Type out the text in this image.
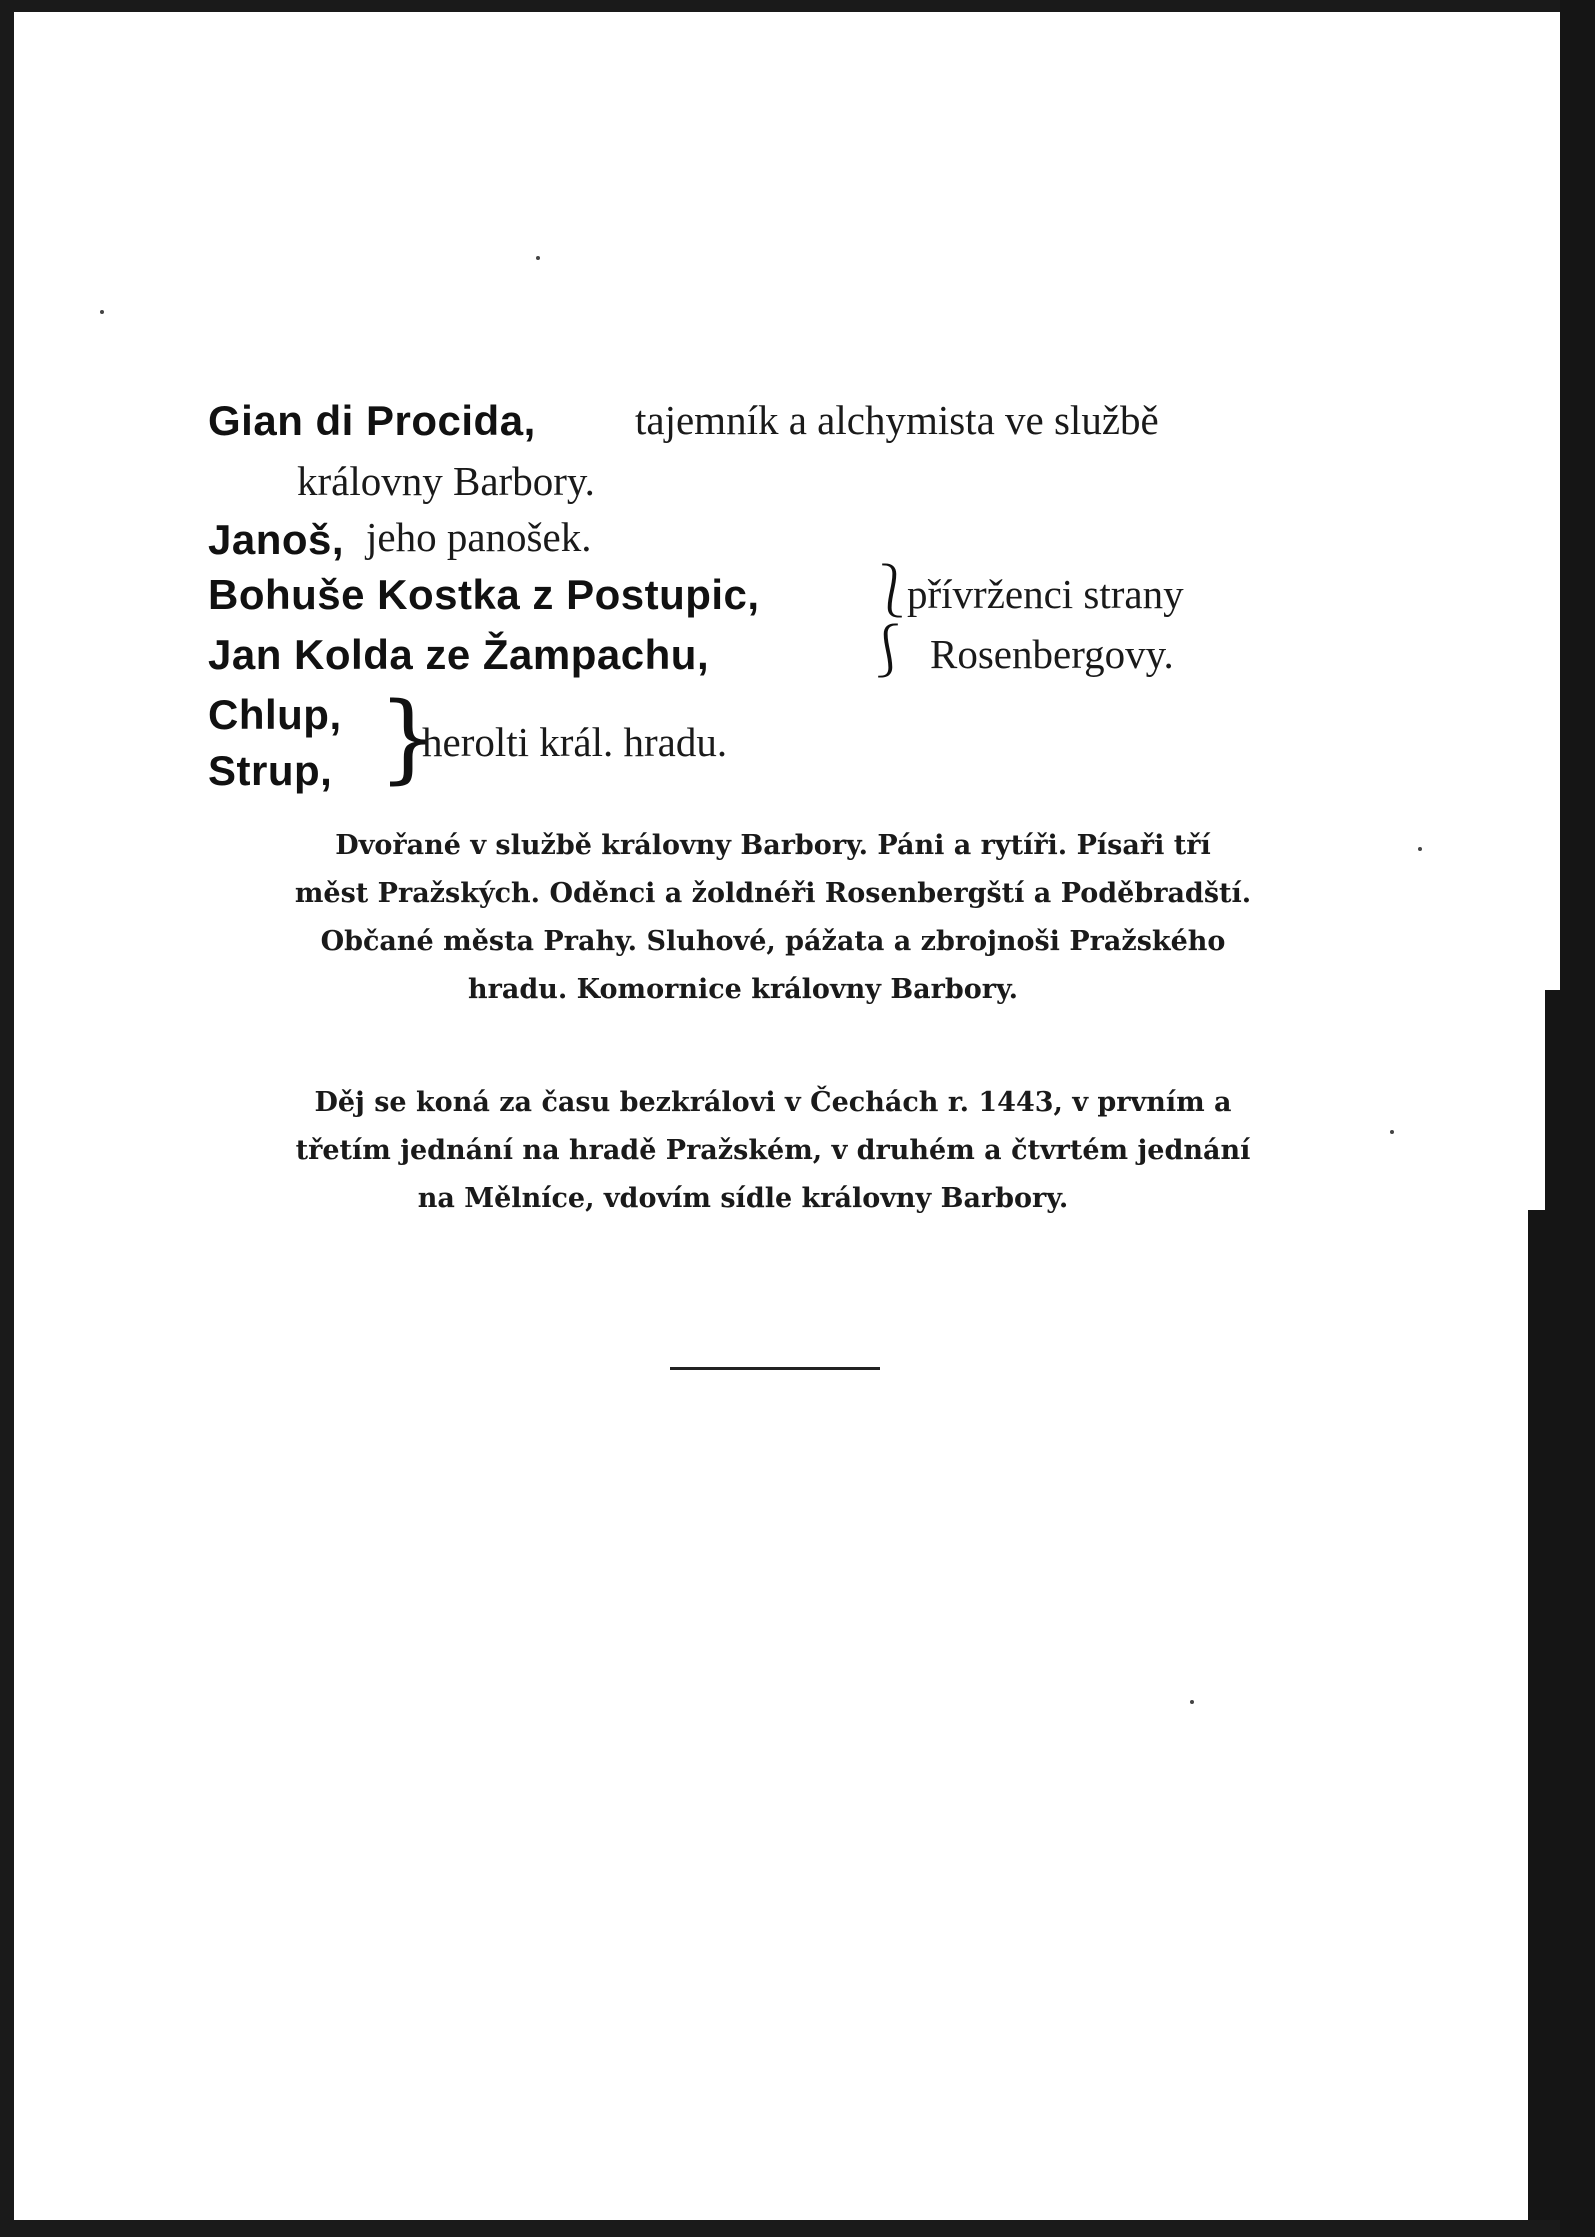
Gian di Procida, tajemník a alchymista ve službě
královny Barbory.
Janoš, jeho panošek.
Bohuše Kostka z Postupic,
Jan Kolda ze Žampachu,
⎱
⎰
přívrženci strany
Rosenbergovy.
Chlup,
Strup, }
herolti král. hradu.
Dvořané v službě královny Barbory. Páni a rytíři. Písaři tří
měst Pražských. Oděnci a žoldnéři Rosenbergští a Poděbradští.
Občané města Prahy. Sluhové, pážata a zbrojnoši Pražského
hradu. Komornice královny Barbory.
Děj se koná za času bezkrálovi v Čechách r. 1443, v prvním a
třetím jednání na hradě Pražském, v druhém a čtvrtém jednání
na Mělníce, vdovím sídle královny Barbory.
